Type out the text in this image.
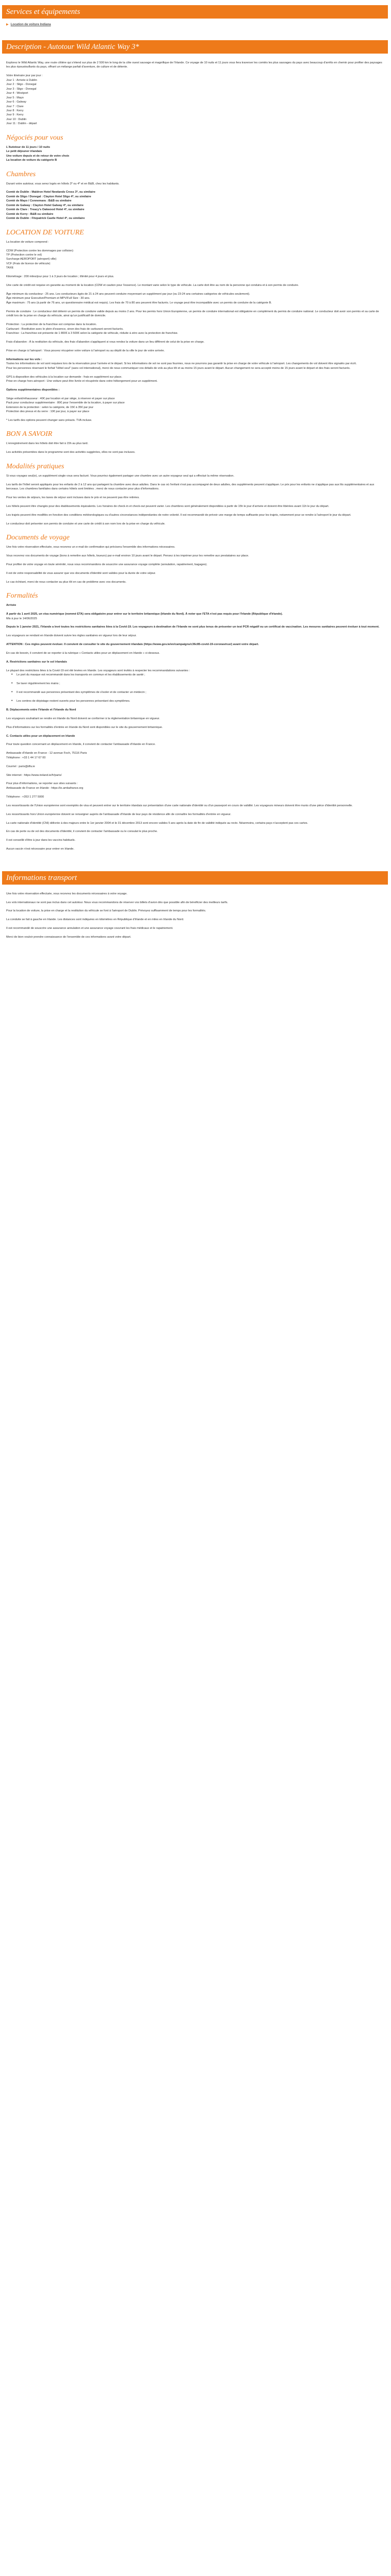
Services et équipements
▶ Location de voiture Indiana
Description - Autotour Wild Atlantic Way 3*

Explorez le Wild Atlantic Way, une route côtière qui s'étend sur plus de 2 500 km le long de la côte ouest sauvage et magnifique de l'Irlande. Ce voyage de 10 nuits et 11 jours vous fera traverser les comtés les plus sauvages du pays avec beaucoup d'arrêts en chemin pour profiter des paysages les plus époustouflants du pays, offrant un mélange parfait d'aventure, de culture et de détente.

Votre itinéraire jour par jour :

Jour 1 : Arrivée à Dublin

Jour 2 : Sligo - Donegal

Jour 3 : Sligo - Donegal

Jour 4 : Westport

Jour 5 : Mayo

Jour 6 : Galway

Jour 7 : Clare

Jour 8 : Kerry

Jour 9 : Kerry

Jour 10 : Dublin

Jour 11 : Dublin - départ

Négociés pour vous

L'Autotour de 11 jours / 10 nuits

Le petit déjeuner irlandais

Une voiture depuis et de retour de votre choix

La location de voiture du catégorie B

Chambres

Durant votre autotour, vous serez logés en hôtels 3* ou 4* et en B&B, chez les habitants.

Comté de Dublin : Maldron Hotel Newlands Cross 3*, ou similaire

Comté de Sligo / Donegal : Clayton Hotel Sligo 4*, ou similaire

Comté de Mayo / Connemara : B&B ou similaire

Comté de Galway : Clayton Hotel Galway 4*, ou similaire

Comté de Clare : Treacy's Oakwood Hotel 4*, ou similaire

Comté de Kerry : B&B ou similaire

Comté de Dublin : Fitzpatrick Castle Hotel 4*, ou similaire

LOCATION DE VOITURE

La location de voiture comprend :

CDW (Protection contre les dommages par collision)

TP (Protection contre le vol)

Surcharge AEROPORT (aéroport) ville)

VCF (Frais de licence de véhicule)

TAXE

Kilométrage : 200 miles/jour pour 1 à 3 jours de location ; illimité pour 4 jours et plus.

Une carte de crédit est requise en garantie au moment de la location (CDW et caution pour l'essence). Le montant varie selon le type de véhicule. La carte doit être au nom de la personne qui conduira et à son permis de conduire.

Âge minimum du conducteur : 25 ans. Les conducteurs âgés de 21 à 24 ans peuvent conduire moyennant un supplément par jour (ou 23-24 ans certaines catégories de véhicules seulement).

Âge minimum pour Executive/Premium et MPV/Full Size : 30 ans.

Âge maximum : 75 ans (à partir de 76 ans, un questionnaire médical est requis). Les frais de 70 à 80 ans peuvent être facturés. Le voyage peut être incompatible avec un permis de conduire de la catégorie B.

Permis de conduire : Le conducteur doit détenir un permis de conduire valide depuis au moins 2 ans. Pour les permis hors Union Européenne, un permis de conduire international est obligatoire en complément du permis de conduire national. Le conducteur doit avoir son permis et sa carte de crédit lors de la prise en charge du véhicule, ainsi qu'un justificatif de domicile.

Protection : La protection de la franchise est comprise dans la location.

Carburant : Restitution avec le plein d'essence, sinon des frais de carburant seront facturés.

Franchise : La franchise est présente de 1 800€ à 3 500€ selon la catégorie de véhicule, réduite à zéro avec la protection de franchise.

Frais d'abandon : À la restitution du véhicule, des frais d'abandon s'appliquent si vous rendez la voiture dans un lieu différent de celui de la prise en charge.

Prise en charge à l'aéroport : Vous pouvez récupérer votre voiture à l'aéroport ou au dépôt de la ville le jour de votre arrivée.

Informations sur les vols :

Toutes les informations de vol sont requises lors de la réservation pour l'arrivée et le départ. Si les informations de vol ne sont pas fournies, nous ne pourrons pas garantir la prise en charge de votre véhicule à l'aéroport. Les changements de vol doivent être signalés par écrit.

Pour les personnes réservant le forfait "Hôtel seul" (sans vol international), merci de nous communiquer vos détails de vols au plus tôt et au moins 15 jours avant le départ. Aucun changement ne sera accepté moins de 15 jours avant le départ et des frais seront facturés.

GPS à disposition des véhicules à la location sur demande : frais en supplément sur place.

Prise en charge hors aéroport : Une voiture peut être livrée et récupérée dans votre hébergement pour un supplément.

Options supplémentaires disponibles :

Siège enfant/réhausseur : 40€ par location et par siège, à réserver et payer sur place

Pack pour conducteur supplémentaire : 80€ pour l'ensemble de la location, à payer sur place

Extension de la protection : selon la catégorie, de 15€ à 35€ par jour

Protection des pneus et du verre : 10€ par jour, à payer sur place

* Les tarifs des options peuvent changer sans préavis. TVA incluse.

BON A SAVOIR

L'enregistrement dans les hôtels doit être fait à 15h au plus tard.

Les activités présentées dans le programme sont des activités suggérées, elles ne sont pas incluses.

Modalités pratiques

Si vous voyagez seul(e), un supplément single vous sera facturé. Vous pourriez également partager une chambre avec un autre voyageur seul qui a effectué la même réservation.

Les tarifs de l'hôtel seront appliqués pour les enfants de 2 à 12 ans qui partagent la chambre avec deux adultes. Dans le cas où l'enfant n'est pas accompagné de deux adultes, des suppléments peuvent s'appliquer. Le prix pour les enfants ne s'applique pas aux lits supplémentaires et aux berceaux. Les chambres familiales dans certains hôtels sont limitées ; merci de nous contacter pour plus d'informations.

Pour les ventes de séjours, les taxes de séjour sont incluses dans le prix et ne peuvent pas être retirées.

Les hôtels peuvent être changés pour des établissements équivalents. Les horaires de check-in et check-out peuvent varier. Les chambres sont généralement disponibles à partir de 15h le jour d'arrivée et doivent être libérées avant 11h le jour du départ.

Les trajets peuvent être modifiés en fonction des conditions météorologiques ou d'autres circonstances indépendantes de notre volonté. Il est recommandé de prévoir une marge de temps suffisante pour les trajets, notamment pour se rendre à l'aéroport le jour du départ.

Le conducteur doit présenter son permis de conduire et une carte de crédit à son nom lors de la prise en charge du véhicule.

Documents de voyage

Une fois votre réservation effectuée, vous recevrez un e-mail de confirmation qui précisera l'ensemble des informations nécessaires.

Vous recevrez vos documents de voyage (bons à remettre aux hôtels, loueurs) par e-mail environ 10 jours avant le départ. Pensez à les imprimer pour les remettre aux prestataires sur place.

Pour profiter de votre voyage en toute sérénité, nous vous recommandons de souscrire une assurance voyage complète (annulation, rapatriement, bagages).

Il est de votre responsabilité de vous assurer que vos documents d'identité sont valides pour la durée de votre séjour.

Le cas échéant, merci de nous contacter au plus tôt en cas de problème avec vos documents.

Formalités

Arrivée

À partir du 1 avril 2025, un visa numérique (nommé ETA) sera obligatoire pour entrer sur le territoire britannique (Irlande du Nord). À noter que l'ETA n'est pas requis pour l'Irlande (République d'Irlande).

Mis à jour le 14/06/2025

Depuis le 1 janvier 2021, l'Irlande a levé toutes les restrictions sanitaires liées à la Covid-19. Les voyageurs à destination de l'Irlande ne sont plus tenus de présenter un test PCR négatif ou un certificat de vaccination. Les mesures sanitaires peuvent évoluer à tout moment.

Les voyageurs se rendant en Irlande doivent suivre les règles sanitaires en vigueur lors de leur séjour.

ATTENTION : Ces règles peuvent évoluer. Il convient de consulter le site du gouvernement irlandais (https://www.gov.ie/en/campaigns/c36c85-covid-19-coronavirus/) avant votre départ.

En cas de besoin, il convient de se reporter à la rubrique « Contacts utiles pour un déplacement en Irlande » ci-dessous.

A. Restrictions sanitaires sur le sol irlandais

Le plupart des restrictions liées à la Covid-19 ont été levées en Irlande. Les voyageurs sont invités à respecter les recommandations suivantes :

• Le port du masque est recommandé dans les transports en commun et les établissements de santé ;
• Se laver régulièrement les mains ;
• Il est recommandé aux personnes présentant des symptômes de s'isoler et de contacter un médecin ;
• Les centres de dépistage restent ouverts pour les personnes présentant des symptômes.

B. Déplacements entre l'Irlande et l'Irlande du Nord

Les voyageurs souhaitant se rendre en Irlande du Nord doivent se conformer à la réglementation britannique en vigueur.

Plus d'informations sur les formalités d'entrée en Irlande du Nord sont disponibles sur le site du gouvernement britannique.

C. Contacts utiles pour un déplacement en Irlande

Pour toute question concernant un déplacement en Irlande, il convient de contacter l'ambassade d'Irlande en France.

Ambassade d'Irlande en France : 12 avenue Foch, 75116 Paris

Téléphone : +33 1 44 17 67 00

Courriel : paris@dfa.ie

Site internet : https://www.ireland.ie/fr/paris/

Pour plus d'informations, se reporter aux sites suivants :

Ambassade de France en Irlande : https://ie.ambafrance.org

Téléphone : +353 1 277 5000

Les ressortissants de l'Union européenne sont exemptés de visa et peuvent entrer sur le territoire irlandais sur présentation d'une carte nationale d'identité ou d'un passeport en cours de validité. Les voyageurs mineurs doivent être munis d'une pièce d'identité personnelle.

Les ressortissants hors Union européenne doivent se renseigner auprès de l'ambassade d'Irlande de leur pays de résidence afin de connaître les formalités d'entrée en vigueur.

La carte nationale d'identité (CNI) délivrée à des majeurs entre le 1er janvier 2004 et le 31 décembre 2013 sont encore valides 5 ans après la date de fin de validité indiquée au recto. Néanmoins, certains pays n'acceptent pas ces cartes.

En cas de perte ou de vol des documents d'identité, il convient de contacter l'ambassade ou le consulat le plus proche.

Il est conseillé d'être à jour dans les vaccins habituels.

Aucun vaccin n'est nécessaire pour entrer en Irlande.

Informations transport

Une fois votre réservation effectuée, vous recevrez les documents nécessaires à votre voyage.

Les vols internationaux ne sont pas inclus dans cet autotour. Nous vous recommandons de réserver vos billets d'avion dès que possible afin de bénéficier des meilleurs tarifs.

Pour la location de voiture, la prise en charge et la restitution du véhicule se font à l'aéroport de Dublin. Prévoyez suffisamment de temps pour les formalités.

La conduite se fait à gauche en Irlande. Les distances sont indiquées en kilomètres en République d'Irlande et en miles en Irlande du Nord.

Il est recommandé de souscrire une assurance annulation et une assurance voyage couvrant les frais médicaux et le rapatriement.

Merci de bien vouloir prendre connaissance de l'ensemble de ces informations avant votre départ.
